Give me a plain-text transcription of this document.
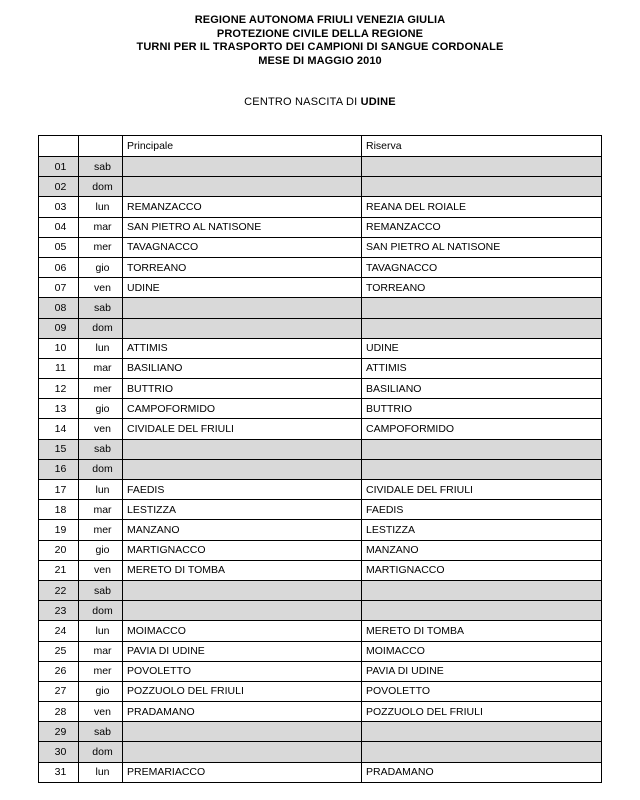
REGIONE AUTONOMA FRIULI VENEZIA GIULIA
PROTEZIONE CIVILE DELLA REGIONE
TURNI PER IL TRASPORTO DEI CAMPIONI DI SANGUE CORDONALE
MESE DI MAGGIO 2010
CENTRO NASCITA DI UDINE
		Principale	Riserva
01	sab		
02	dom		
03	lun	REMANZACCO	REANA DEL ROIALE
04	mar	SAN PIETRO AL NATISONE	REMANZACCO
05	mer	TAVAGNACCO	SAN PIETRO AL NATISONE
06	gio	TORREANO	TAVAGNACCO
07	ven	UDINE	TORREANO
08	sab		
09	dom		
10	lun	ATTIMIS	UDINE
11	mar	BASILIANO	ATTIMIS
12	mer	BUTTRIO	BASILIANO
13	gio	CAMPOFORMIDO	BUTTRIO
14	ven	CIVIDALE DEL FRIULI	CAMPOFORMIDO
15	sab		
16	dom		
17	lun	FAEDIS	CIVIDALE DEL FRIULI
18	mar	LESTIZZA	FAEDIS
19	mer	MANZANO	LESTIZZA
20	gio	MARTIGNACCO	MANZANO
21	ven	MERETO DI TOMBA	MARTIGNACCO
22	sab		
23	dom		
24	lun	MOIMACCO	MERETO DI TOMBA
25	mar	PAVIA DI UDINE	MOIMACCO
26	mer	POVOLETTO	PAVIA DI UDINE
27	gio	POZZUOLO DEL FRIULI	POVOLETTO
28	ven	PRADAMANO	POZZUOLO DEL FRIULI
29	sab		
30	dom		
31	lun	PREMARIACCO	PRADAMANO
